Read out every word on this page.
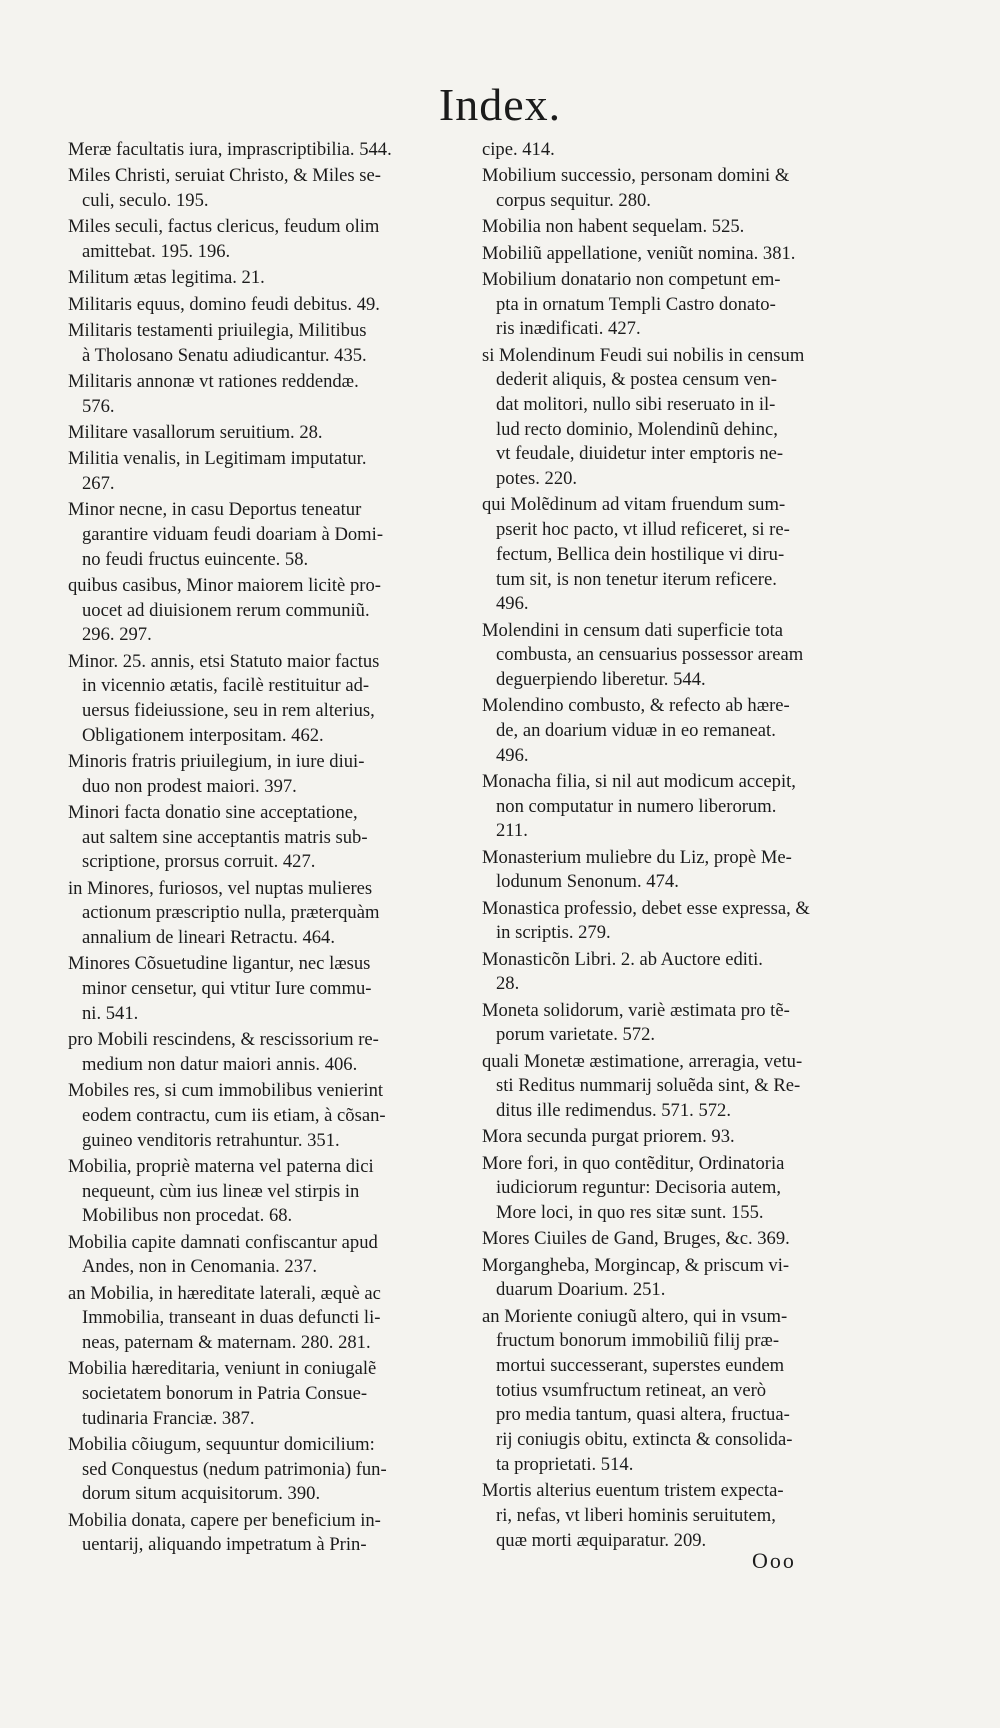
Index.
Meræ facultatis iura, imprascriptibilia. 544.
Miles Christi, seruiat Christo, & Miles se-
culi, seculo. 195.
Miles seculi, factus clericus, feudum olim
amittebat. 195. 196.
Militum ætas legitima. 21.
Militaris equus, domino feudi debitus. 49.
Militaris testamenti priuilegia, Militibus
à Tholosano Senatu adiudicantur. 435.
Militaris annonæ vt rationes reddendæ.
576.
Militare vasallorum seruitium. 28.
Militia venalis, in Legitimam imputatur.
267.
Minor necne, in casu Deportus teneatur
garantire viduam feudi doariam à Domi-
no feudi fructus euincente. 58.
quibus casibus, Minor maiorem licitè pro-
uocet ad diuisionem rerum communiũ.
296. 297.
Minor. 25. annis, etsi Statuto maior factus
in vicennio ætatis, facilè restituitur ad-
uersus fideiussione, seu in rem alterius,
Obligationem interpositam. 462.
Minoris fratris priuilegium, in iure diui-
duo non prodest maiori. 397.
Minori facta donatio sine acceptatione,
aut saltem sine acceptantis matris sub-
scriptione, prorsus corruit. 427.
in Minores, furiosos, vel nuptas mulieres
actionum præscriptio nulla, præterquàm
annalium de lineari Retractu. 464.
Minores Cõsuetudine ligantur, nec læsus
minor censetur, qui vtitur Iure commu-
ni. 541.
pro Mobili rescindens, & rescissorium re-
medium non datur maiori annis. 406.
Mobiles res, si cum immobilibus venierint
eodem contractu, cum iis etiam, à cõsan-
guineo venditoris retrahuntur. 351.
Mobilia, propriè materna vel paterna dici
nequeunt, cùm ius lineæ vel stirpis in
Mobilibus non procedat. 68.
Mobilia capite damnati confiscantur apud
Andes, non in Cenomania. 237.
an Mobilia, in hæreditate laterali, æquè ac
Immobilia, transeant in duas defuncti li-
neas, paternam & maternam. 280. 281.
Mobilia hæreditaria, veniunt in coniugalẽ
societatem bonorum in Patria Consue-
tudinaria Franciæ. 387.
Mobilia cõiugum, sequuntur domicilium:
sed Conquestus (nedum patrimonia) fun-
dorum situm acquisitorum. 390.
Mobilia donata, capere per beneficium in-
uentarij, aliquando impetratum à Prin-
cipe. 414.
Mobilium successio, personam domini &
corpus sequitur. 280.
Mobilia non habent sequelam. 525.
Mobiliũ appellatione, veniũt nomina. 381.
Mobilium donatario non competunt em-
pta in ornatum Templi Castro donato-
ris inædificati. 427.
si Molendinum Feudi sui nobilis in censum
dederit aliquis, & postea censum ven-
dat molitori, nullo sibi reseruato in il-
lud recto dominio, Molendinũ dehinc,
vt feudale, diuidetur inter emptoris ne-
potes. 220.
qui Molẽdinum ad vitam fruendum sum-
pserit hoc pacto, vt illud reficeret, si re-
fectum, Bellica dein hostilique vi diru-
tum sit, is non tenetur iterum reficere.
496.
Molendini in censum dati superficie tota
combusta, an censuarius possessor aream
deguerpiendo liberetur. 544.
Molendino combusto, & refecto ab hære-
de, an doarium viduæ in eo remaneat.
496.
Monacha filia, si nil aut modicum accepit,
non computatur in numero liberorum.
211.
Monasterium muliebre du Liz, propè Me-
lodunum Senonum. 474.
Monastica professio, debet esse expressa, &
in scriptis. 279.
Monasticõn Libri. 2. ab Auctore editi.
28.
Moneta solidorum, variè æstimata pro tẽ-
porum varietate. 572.
quali Monetæ æstimatione, arreragia, vetu-
sti Reditus nummarij soluẽda sint, & Re-
ditus ille redimendus. 571. 572.
Mora secunda purgat priorem. 93.
More fori, in quo contẽditur, Ordinatoria
iudiciorum reguntur: Decisoria autem,
More loci, in quo res sitæ sunt. 155.
Mores Ciuiles de Gand, Bruges, &c. 369.
Morgangheba, Morgincap, & priscum vi-
duarum Doarium. 251.
an Moriente coniugũ altero, qui in vsum-
fructum bonorum immobiliũ filij præ-
mortui successerant, superstes eundem
totius vsumfructum retineat, an verò
pro media tantum, quasi altera, fructua-
rij coniugis obitu, extincta & consolida-
ta proprietati. 514.
Mortis alterius euentum tristem expecta-
ri, nefas, vt liberi hominis seruitutem,
quæ morti æquiparatur. 209.
Ooo
